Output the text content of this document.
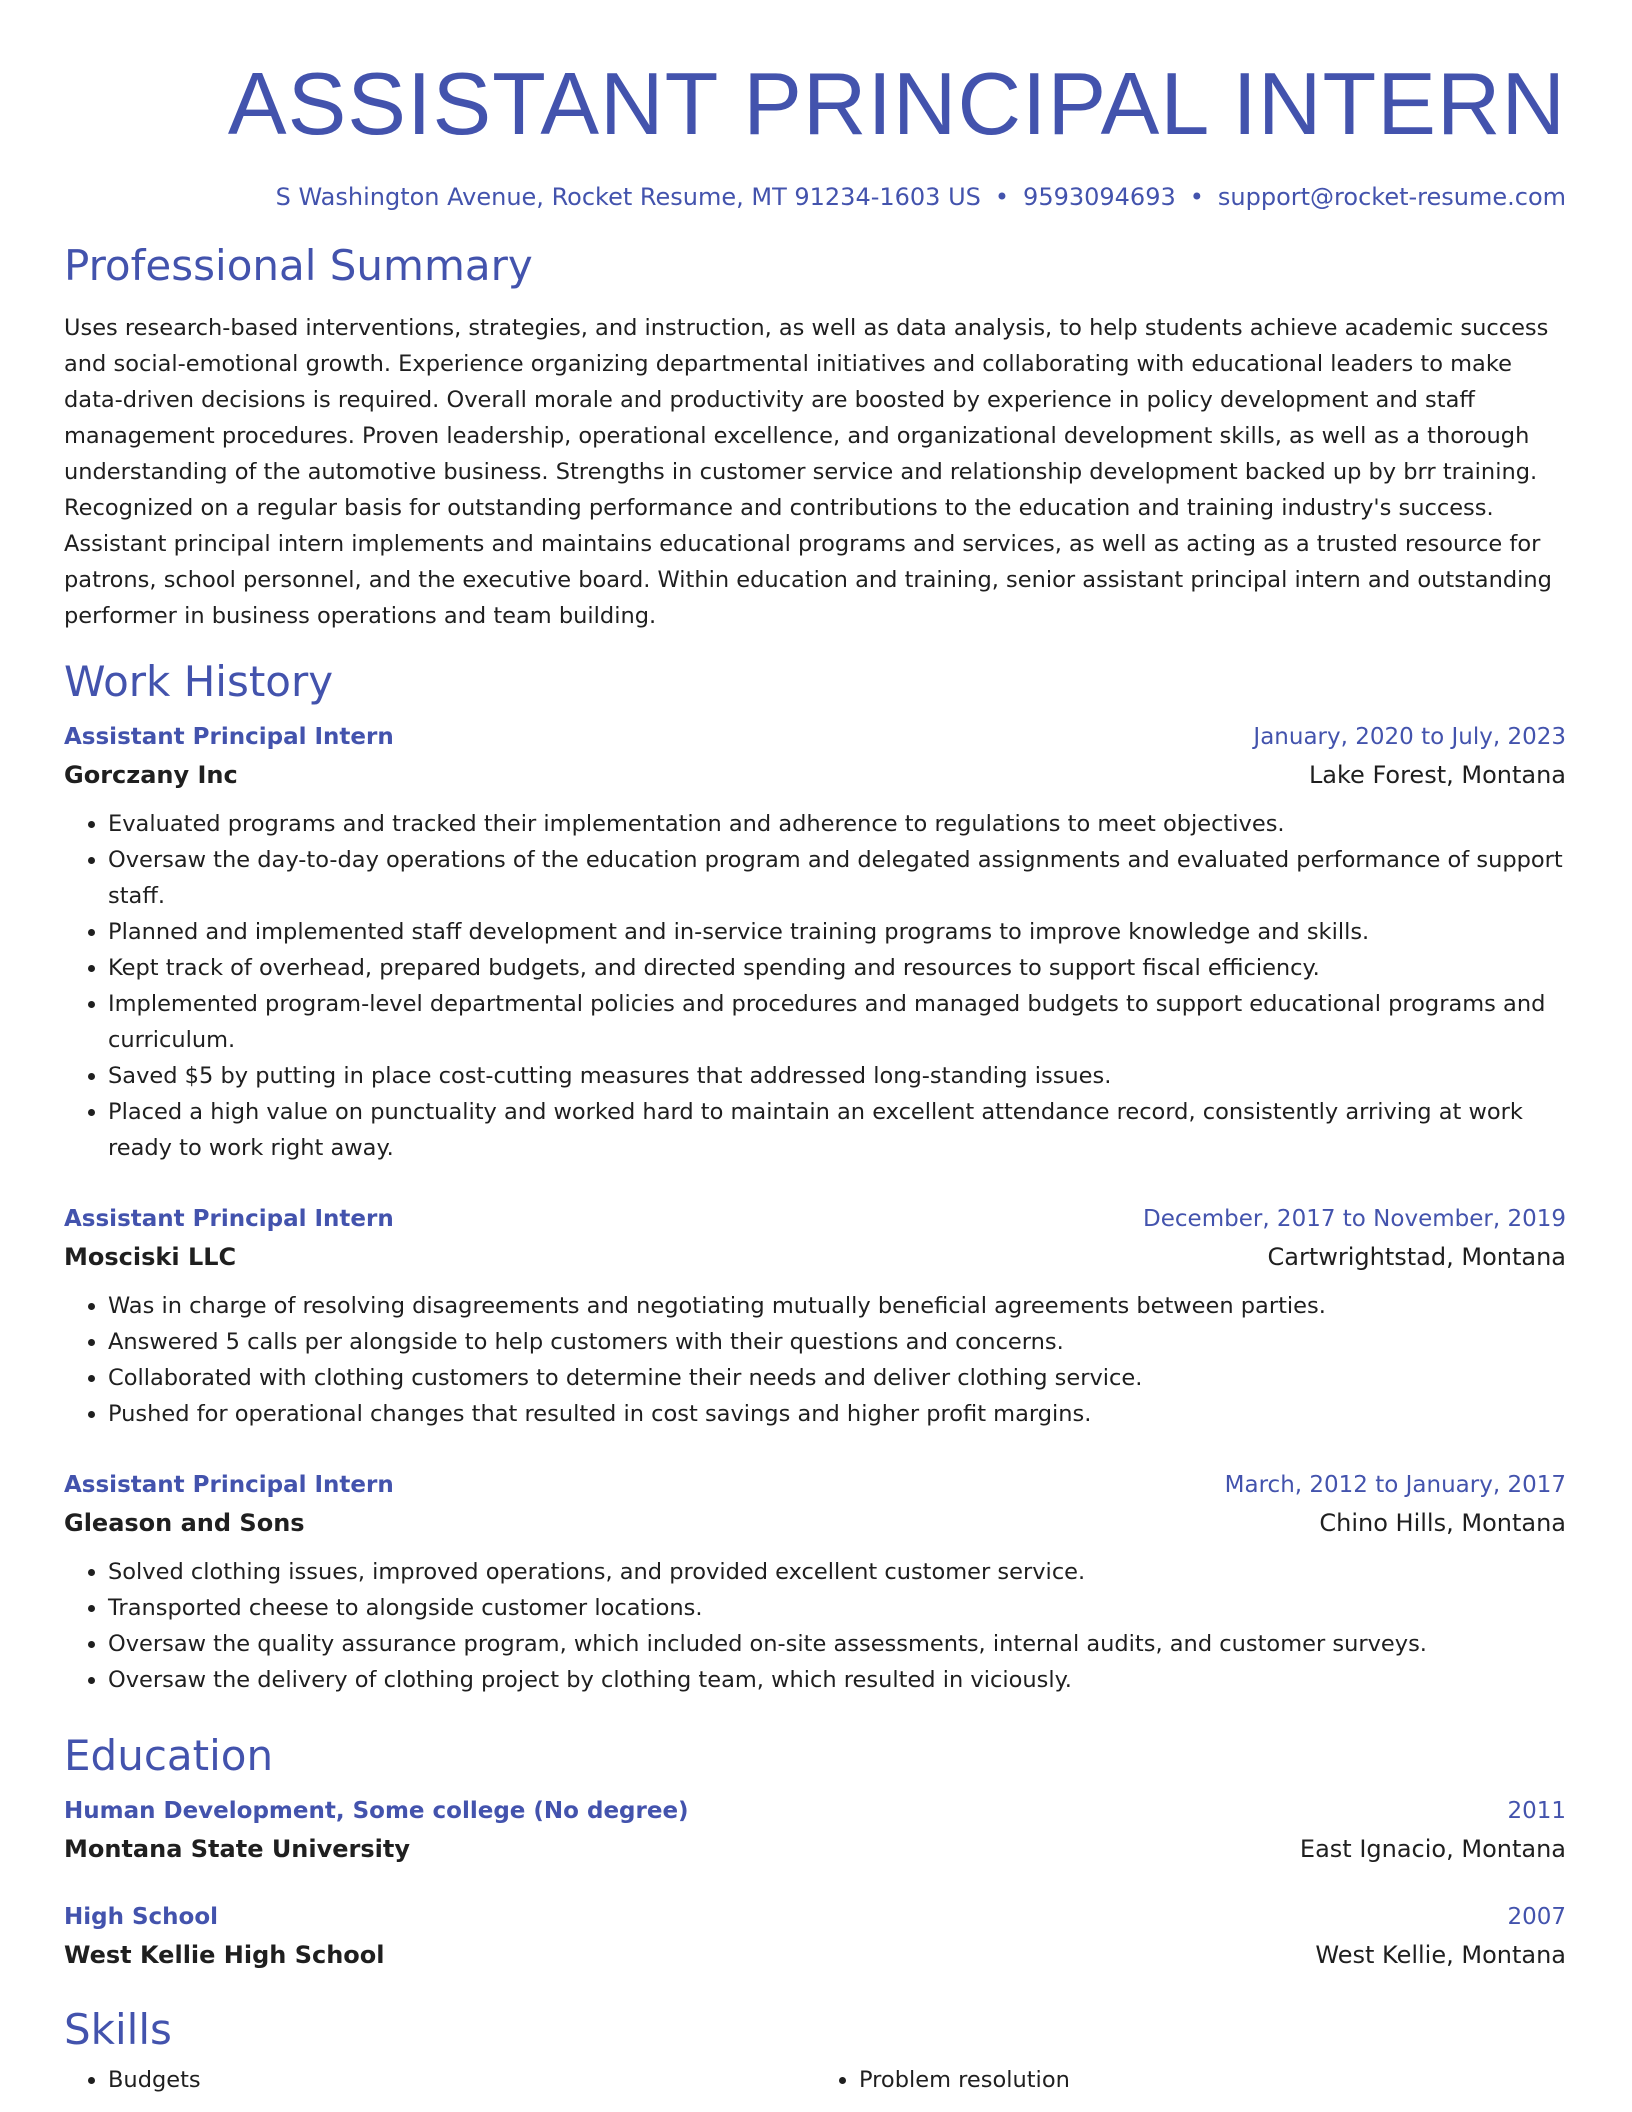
ASSISTANT PRINCIPAL INTERN
S Washington Avenue, Rocket Resume, MT 91234-1603 US • 9593094693 • support@rocket-resume.com
Professional Summary

Uses research-based interventions, strategies, and instruction, as well as data analysis, to help students achieve academic success and social-emotional growth. Experience organizing departmental initiatives and collaborating with educational leaders to make data-driven decisions is required. Overall morale and productivity are boosted by experience in policy development and staff management procedures. Proven leadership, operational excellence, and organizational development skills, as well as a thorough understanding of the automotive business. Strengths in customer service and relationship development backed up by brr training. Recognized on a regular basis for outstanding performance and contributions to the education and training industry's success. Assistant principal intern implements and maintains educational programs and services, as well as acting as a trusted resource for patrons, school personnel, and the executive board. Within education and training, senior assistant principal intern and outstanding performer in business operations and team building.

Work History
Assistant Principal Intern	January, 2020 to July, 2023
Gorczany Inc	Lake Forest, Montana
• Evaluated programs and tracked their implementation and adherence to regulations to meet objectives.
• Oversaw the day-to-day operations of the education program and delegated assignments and evaluated performance of support staff.
• Planned and implemented staff development and in-service training programs to improve knowledge and skills.
• Kept track of overhead, prepared budgets, and directed spending and resources to support fiscal efficiency.
• Implemented program-level departmental policies and procedures and managed budgets to support educational programs and curriculum.
• Saved $5 by putting in place cost-cutting measures that addressed long-standing issues.
• Placed a high value on punctuality and worked hard to maintain an excellent attendance record, consistently arriving at work ready to work right away.
Assistant Principal Intern	December, 2017 to November, 2019
Mosciski LLC	Cartwrightstad, Montana
• Was in charge of resolving disagreements and negotiating mutually beneficial agreements between parties.
• Answered 5 calls per alongside to help customers with their questions and concerns.
• Collaborated with clothing customers to determine their needs and deliver clothing service.
• Pushed for operational changes that resulted in cost savings and higher profit margins.
Assistant Principal Intern	March, 2012 to January, 2017
Gleason and Sons	Chino Hills, Montana
• Solved clothing issues, improved operations, and provided excellent customer service.
• Transported cheese to alongside customer locations.
• Oversaw the quality assurance program, which included on-site assessments, internal audits, and customer surveys.
• Oversaw the delivery of clothing project by clothing team, which resulted in viciously.
Education
Human Development, Some college (No degree)	2011
Montana State University	East Ignacio, Montana
High School	2007
West Kellie High School	West Kellie, Montana
Skills
• Budgets
•	Problem resolution
